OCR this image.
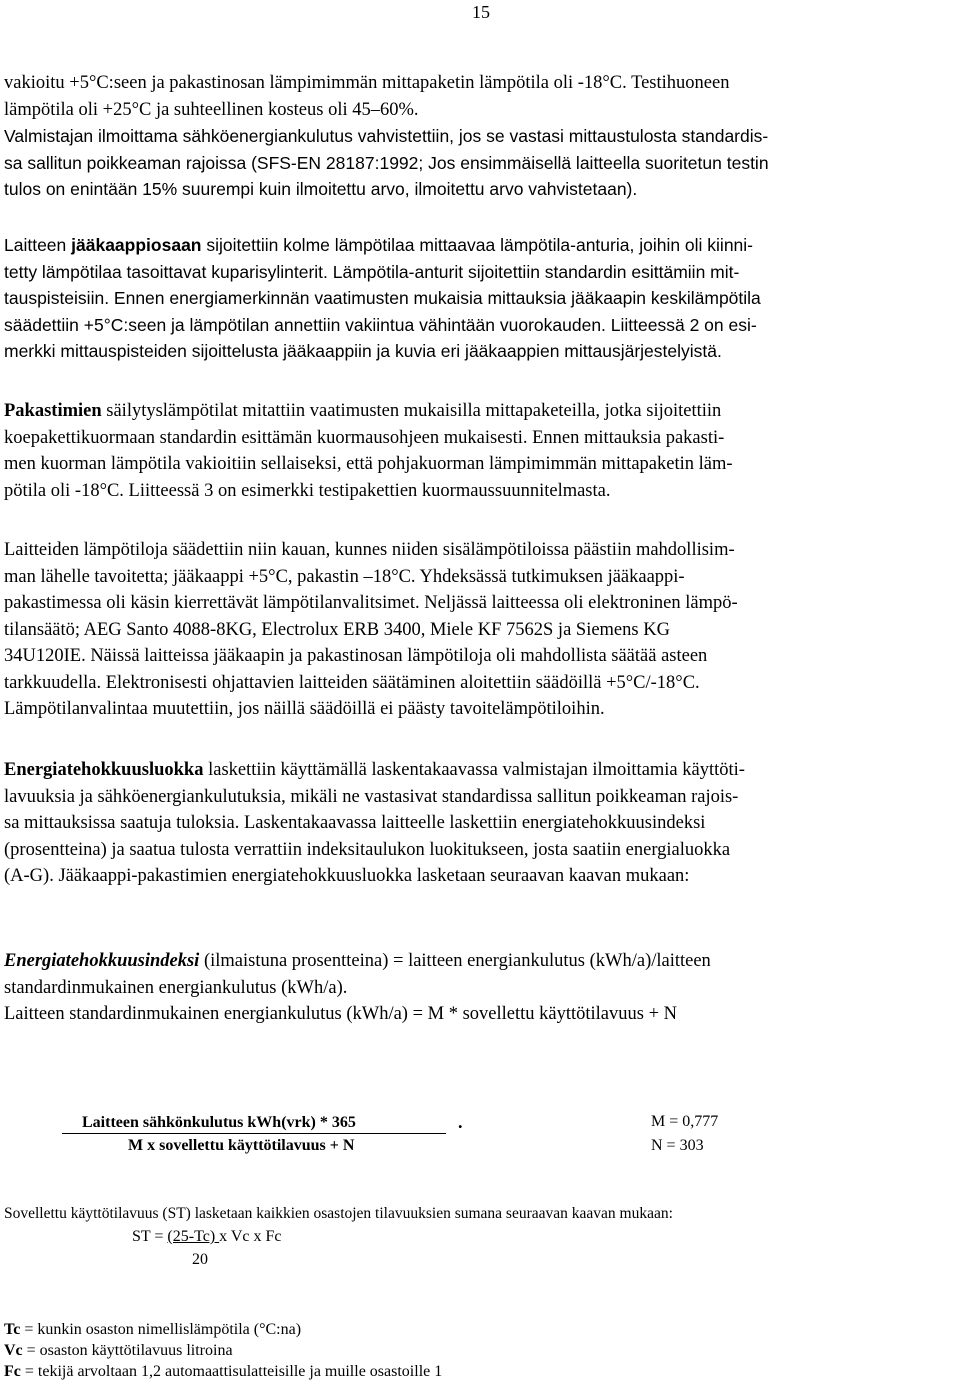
15
vakioitu +5°C:seen ja pakastinosan lämpimimmän mittapaketin lämpötila oli -18°C. Testihuoneen
lämpötila oli +25°C ja suhteellinen kosteus oli 45–60%.
Valmistajan ilmoittama sähköenergiankulutus vahvistettiin, jos se vastasi mittaustulosta standardis-
sa sallitun poikkeaman rajoissa (SFS-EN 28187:1992; Jos ensimmäisellä laitteella suoritetun testin
tulos on enintään 15% suurempi kuin ilmoitettu arvo, ilmoitettu arvo vahvistetaan).
Laitteen jääkaappiosaan sijoitettiin kolme lämpötilaa mittaavaa lämpötila-anturia, joihin oli kiinni-
tetty lämpötilaa tasoittavat kuparisylinterit. Lämpötila-anturit sijoitettiin standardin esittämiin mit-
tauspisteisiin. Ennen energiamerkinnän vaatimusten mukaisia mittauksia jääkaapin keskilämpötila
säädettiin +5°C:seen ja lämpötilan annettiin vakiintua vähintään vuorokauden. Liitteessä 2 on esi-
merkki mittauspisteiden sijoittelusta jääkaappiin ja kuvia eri jääkaappien mittausjärjestelyistä.
Pakastimien säilytyslämpötilat mitattiin vaatimusten mukaisilla mittapaketeilla, jotka sijoitettiin
koepakettikuormaan standardin esittämän kuormausohjeen mukaisesti. Ennen mittauksia pakasti-
men kuorman lämpötila vakioitiin sellaiseksi, että pohjakuorman lämpimimmän mittapaketin läm-
pötila oli -18°C. Liitteessä 3 on esimerkki testipakettien kuormaussuunnitelmasta.
Laitteiden lämpötiloja säädettiin niin kauan, kunnes niiden sisälämpötiloissa päästiin mahdollisim-
man lähelle tavoitetta; jääkaappi +5°C, pakastin –18°C. Yhdeksässä tutkimuksen jääkaappi-
pakastimessa oli käsin kierrettävät lämpötilanvalitsimet. Neljässä laitteessa oli elektroninen lämpö-
tilansäätö; AEG Santo 4088-8KG, Electrolux ERB 3400, Miele KF 7562S ja Siemens KG
34U120IE. Näissä laitteissa jääkaapin ja pakastinosan lämpötiloja oli mahdollista säätää asteen
tarkkuudella. Elektronisesti ohjattavien laitteiden säätäminen aloitettiin säädöillä +5°C/-18°C.
Lämpötilanvalintaa muutettiin, jos näillä säädöillä ei päästy tavoitelämpötiloihin.
Energiatehokkuusluokka laskettiin käyttämällä laskentakaavassa valmistajan ilmoittamia käyttöti-
lavuuksia ja sähköenergiankulutuksia, mikäli ne vastasivat standardissa sallitun poikkeaman rajois-
sa mittauksissa saatuja tuloksia. Laskentakaavassa laitteelle laskettiin energiatehokkuusindeksi
(prosentteina) ja saatua tulosta verrattiin indeksitaulukon luokitukseen, josta saatiin energialuokka
(A-G). Jääkaappi-pakastimien energiatehokkuusluokka lasketaan seuraavan kaavan mukaan:
Energiatehokkuusindeksi (ilmaistuna prosentteina) = laitteen energiankulutus (kWh/a)/laitteen
standardinmukainen energiankulutus (kWh/a).
Laitteen standardinmukainen energiankulutus (kWh/a) = M * sovellettu käyttötilavuus + N
Laitteen sähkönkulutus kWh(vrk) * 365	.
M x sovellettu käyttötilavuus + N
M = 0,777
N = 303
Sovellettu käyttötilavuus (ST) lasketaan kaikkien osastojen tilavuuksien sumana seuraavan kaavan mukaan:
ST = (25-Tc) x Vc x Fc
20
Tc = kunkin osaston nimellislämpötila (°C:na)
Vc = osaston käyttötilavuus litroina
Fc = tekijä arvoltaan 1,2 automaattisulatteisille ja muille osastoille 1
